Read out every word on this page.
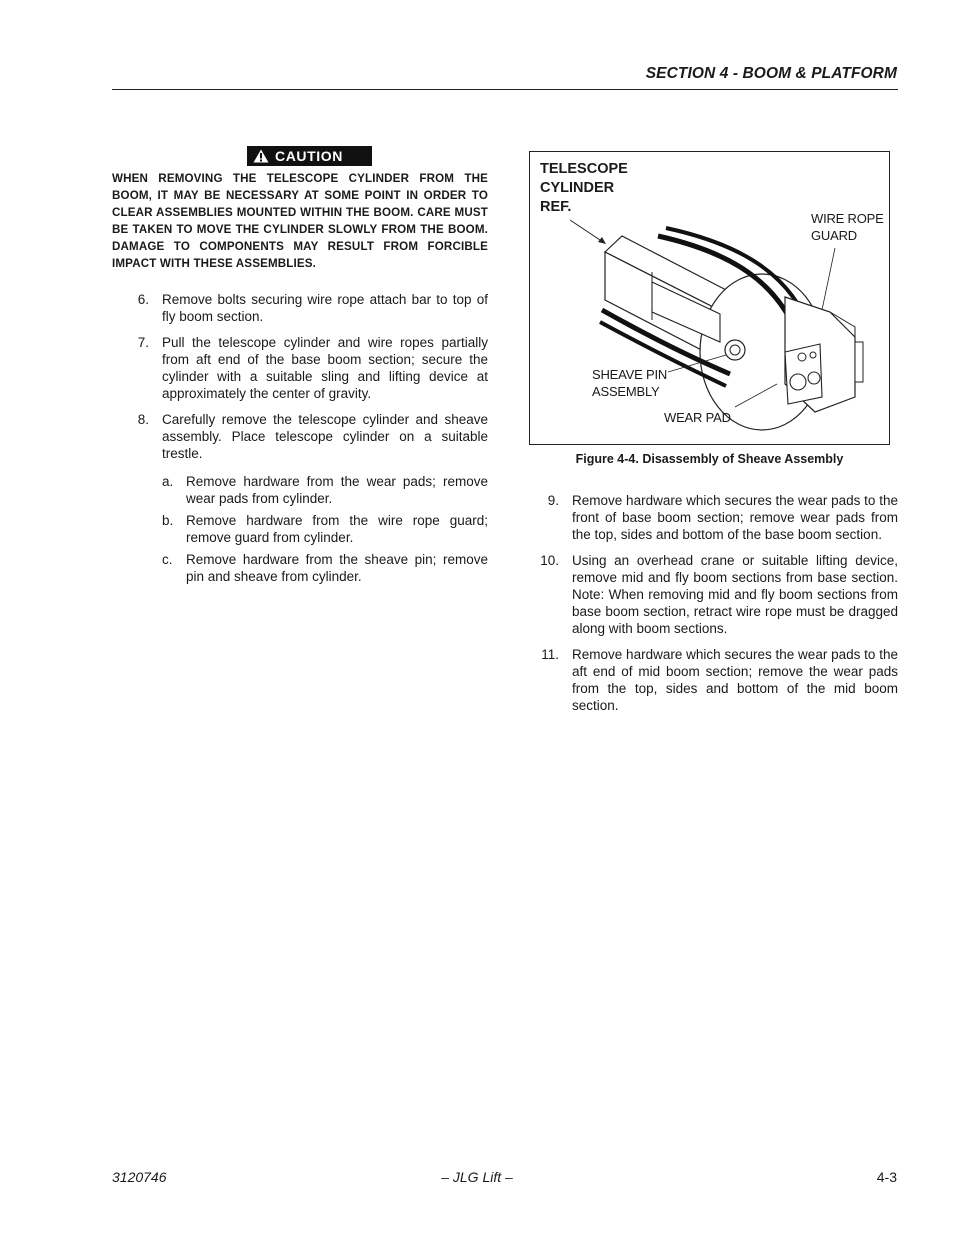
SECTION 4 - BOOM & PLATFORM
CAUTION
WHEN REMOVING THE TELESCOPE CYLINDER FROM THE BOOM, IT MAY BE NECESSARY AT SOME POINT IN ORDER TO CLEAR ASSEMBLIES MOUNTED WITHIN THE BOOM. CARE MUST BE TAKEN TO MOVE THE CYLINDER SLOWLY FROM THE BOOM. DAMAGE TO COMPONENTS MAY RESULT FROM FORCIBLE IMPACT WITH THESE ASSEMBLIES.
6. Remove bolts securing wire rope attach bar to top of fly boom section.
7. Pull the telescope cylinder and wire ropes partially from aft end of the base boom section; secure the cylinder with a suitable sling and lifting device at approximately the center of gravity.
8. Carefully remove the telescope cylinder and sheave assembly. Place telescope cylinder on a suitable trestle.
a. Remove hardware from the wear pads; remove wear pads from cylinder.
b. Remove hardware from the wire rope guard; remove guard from cylinder.
c. Remove hardware from the sheave pin; remove pin and sheave from cylinder.
TELESCOPE
CYLINDER
REF.
WIRE ROPE
GUARD
SHEAVE PIN
ASSEMBLY
WEAR PAD
Figure 4-4. Disassembly of Sheave Assembly
9. Remove hardware which secures the wear pads to the front of base boom section; remove wear pads from the top, sides and bottom of the base boom section.
10. Using an overhead crane or suitable lifting device, remove mid and fly boom sections from base section. Note: When removing mid and fly boom sections from base boom section, retract wire rope must be dragged along with boom sections.
11. Remove hardware which secures the wear pads to the aft end of mid boom section; remove the wear pads from the top, sides and bottom of the mid boom section.
3120746	– JLG Lift –	4-3
